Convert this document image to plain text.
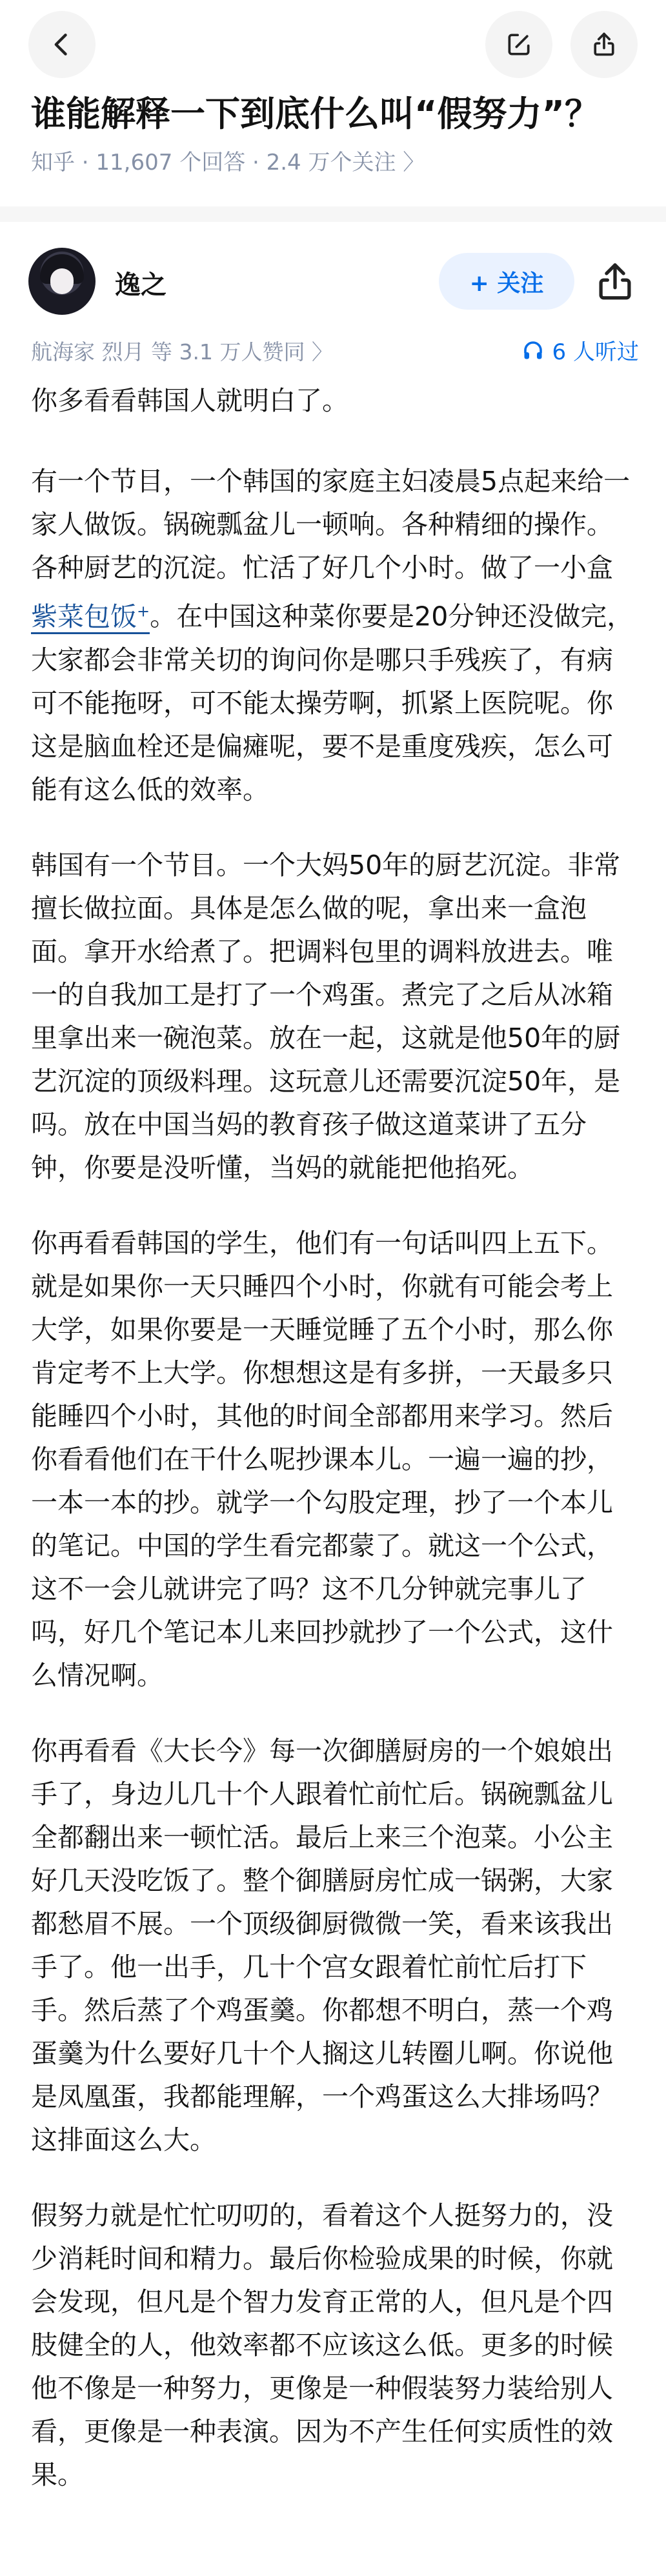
谁能解释一下到底什么叫“假努力”？
知乎 · 11,607 个回答 · 2.4 万个关注 〉
逸之	+ 关注
航海家 烈月 等 3.1 万人赞同 〉	6 人听过

你多看看韩国人就明白了。

有一个节目，一个韩国的家庭主妇凌晨5点起来给一家人做饭。锅碗瓢盆儿一顿响。各种精细的操作。各种厨艺的沉淀。忙活了好几个小时。做了一小盒紫菜包饭+。在中国这种菜你要是20分钟还没做完，大家都会非常关切的询问你是哪只手残疾了，有病可不能拖呀，可不能太操劳啊，抓紧上医院呢。你这是脑血栓还是偏瘫呢，要不是重度残疾，怎么可能有这么低的效率。

韩国有一个节目。一个大妈50年的厨艺沉淀。非常擅长做拉面。具体是怎么做的呢，拿出来一盒泡面。拿开水给煮了。把调料包里的调料放进去。唯一的自我加工是打了一个鸡蛋。煮完了之后从冰箱里拿出来一碗泡菜。放在一起，这就是他50年的厨艺沉淀的顶级料理。这玩意儿还需要沉淀50年，是吗。放在中国当妈的教育孩子做这道菜讲了五分钟，你要是没听懂，当妈的就能把他掐死。

你再看看韩国的学生，他们有一句话叫四上五下。就是如果你一天只睡四个小时，你就有可能会考上大学，如果你要是一天睡觉睡了五个小时，那么你肯定考不上大学。你想想这是有多拼，一天最多只能睡四个小时，其他的时间全部都用来学习。然后你看看他们在干什么呢抄课本儿。一遍一遍的抄，一本一本的抄。就学一个勾股定理，抄了一个本儿的笔记。中国的学生看完都蒙了。就这一个公式，这不一会儿就讲完了吗？这不几分钟就完事儿了吗，好几个笔记本儿来回抄就抄了一个公式，这什么情况啊。

你再看看《大长今》每一次御膳厨房的一个娘娘出手了，身边儿几十个人跟着忙前忙后。锅碗瓢盆儿全都翻出来一顿忙活。最后上来三个泡菜。小公主好几天没吃饭了。整个御膳厨房忙成一锅粥，大家都愁眉不展。一个顶级御厨微微一笑，看来该我出手了。他一出手，几十个宫女跟着忙前忙后打下手。然后蒸了个鸡蛋羹。你都想不明白，蒸一个鸡蛋羹为什么要好几十个人搁这儿转圈儿啊。你说他是凤凰蛋，我都能理解，一个鸡蛋这么大排场吗？这排面这么大。

假努力就是忙忙叨叨的，看着这个人挺努力的，没少消耗时间和精力。最后你检验成果的时候，你就会发现，但凡是个智力发育正常的人，但凡是个四肢健全的人，他效率都不应该这么低。更多的时候他不像是一种努力，更像是一种假装努力装给别人看，更像是一种表演。因为不产生任何实质性的效果。
